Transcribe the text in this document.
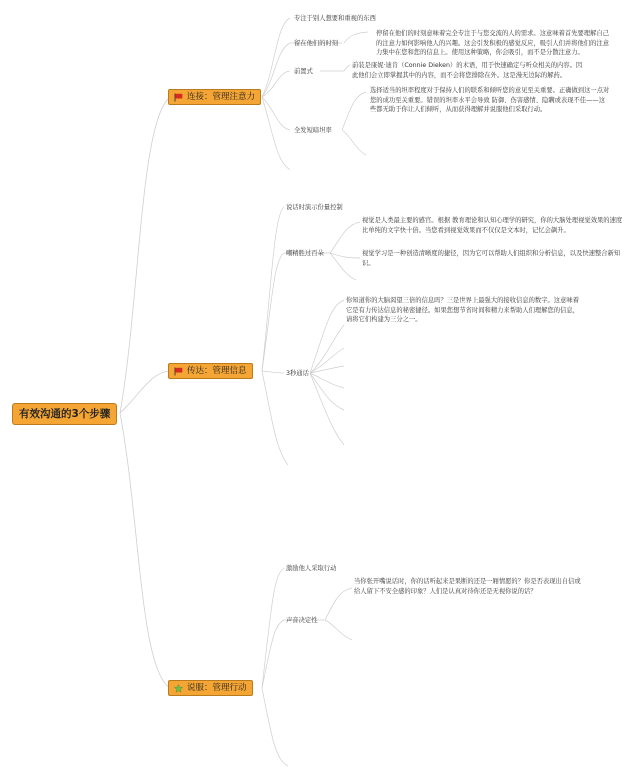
有效沟通的3个步骤
连接：管理注意力
专注于别人想要和重视的东西
留在他们的时刻
停留在他们的时刻意味着完全专注于与您交流的人的需求。这意味着首先要理解自己的注意力如何影响他人的兴趣。这会引发积极的感觉反应，吸引人们并将他们的注意力集中在您和您的信息上。使用这种策略，你会吸引，而不是分散注意力。
前置式
前装是康妮·迪肯（Connie Dieken）的术语，用于快速确定与听众相关的内容。因此他们会立即掌握其中的内容，而不会将您排除在外。这是漫无边际的解药。
选择适当的坦率程度对于保持人们的联系和倾听您的意见至关重要。正确做到这一点对您的成功至关重要。错误的坦率水平会导致 防御、伤害感情、隐瞒或表现不佳——这些都无助于你让人们倾听，从而获得理解并说服他们采取行动。
全发短暗坦率
传达：管理信息
说话时演示份量控制
嘲精胜过百朵
视觉是人类最主要的感官。根据 教育理论和认知心理学的研究，你的大脑处理视觉效果的速度比单纯的文字快十倍。当您看到视觉效果而不仅仅是文本时，记忆会飙升。
视觉学习是一种创造清晰度的捷径，因为它可以帮助人们组织和分析信息，以及快速整合新知识。
你知道你的大脑渴望三倍的信息吗？三是世界上最强大的接收信息的数字。这意味着它是有力传达信息的秘密捷径。如果您想节省时间和精力来帮助人们理解您的信息，请将它们构建为三分之一。
3秒通话
说服：管理行动
激励他人采取行动
当你张开嘴说话时，你的话听起来是果断的还是一厢情愿的？你是否表现出自信或给人留下不安全感的印象？人们是认真对待你还是无视你说的话？
声音决定性
